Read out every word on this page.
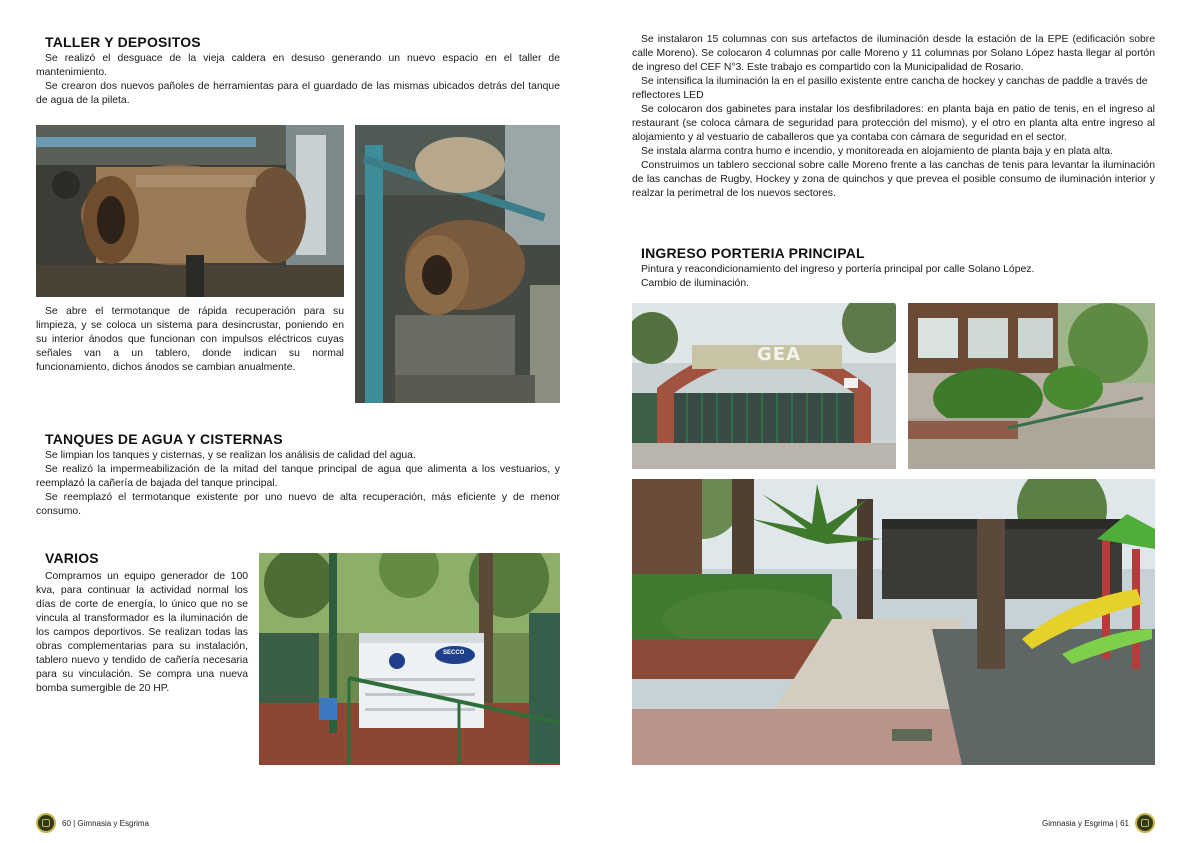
TALLER Y DEPOSITOS

Se realizó el desguace de la vieja caldera en desuso generando un nuevo espacio en el taller de mantenimiento.

Se crearon dos nuevos pañoles de herramientas para el guardado de las mismas ubicados detrás del tanque de agua de la pileta.

Se abre el termotanque de rápida recuperación para su limpieza, y se coloca un sistema para desincrustar, poniendo en su interior ánodos que funcionan con impulsos eléctricos cuyas señales van a un tablero, donde indican su normal funcionamiento, dichos ánodos se cambian anualmente.

TANQUES DE AGUA Y CISTERNAS

Se limpian los tanques y cisternas, y se realizan los análisis de calidad del agua.

Se realizó la impermeabilización de la mitad del tanque principal de agua que alimenta a los vestuarios, y reemplazó la cañería de bajada del tanque principal.

Se reemplazó el termotanque existente por uno nuevo de alta recuperación, más eficiente y de menor consumo.

VARIOS

Compramos un equipo generador de 100 kva, para continuar la actividad normal los días de corte de energía, lo único que no se vincula al transformador es la iluminación de los campos deportivos. Se realizan todas las obras complementarias para su instalación, tablero nuevo y tendido de cañería necesaria para su vinculación. Se compra una nueva bomba sumergible de 20 HP.

SECCO
60 | Gimnasia y Esgrima

Se instalaron 15 columnas con sus artefactos de iluminación desde la estación de la EPE (edificación sobre calle Moreno). Se colocaron 4 columnas por calle Moreno y 11 columnas por Solano López hasta llegar al portón de ingreso del CEF N°3. Este trabajo es compartido con la Municipalidad de Rosario.

Se intensifica la iluminación la en el pasillo existente entre cancha de hockey y canchas de paddle a través de reflectores LED

Se colocaron dos gabinetes para instalar los desfibriladores: en planta baja en patio de tenis, en el ingreso al restaurant (se coloca cámara de seguridad para protección del mismo), y el otro en planta alta entre ingreso al alojamiento y al vestuario de caballeros que ya contaba con cámara de seguridad en el sector.

Se instala alarma contra humo e incendio, y monitoreada en alojamiento de planta baja y en plata alta.

Construimos un tablero seccional sobre calle Moreno frente a las canchas de tenis para levantar la iluminación de las canchas de Rugby, Hockey y zona de quinchos y que prevea el posible consumo de iluminación interior y realzar la perimetral de los nuevos sectores.

INGRESO PORTERIA PRINCIPAL

Pintura y reacondicionamiento del ingreso y portería principal por calle Solano López.

Cambio de iluminación.

GEA
Gimnasia y Esgrima | 61
